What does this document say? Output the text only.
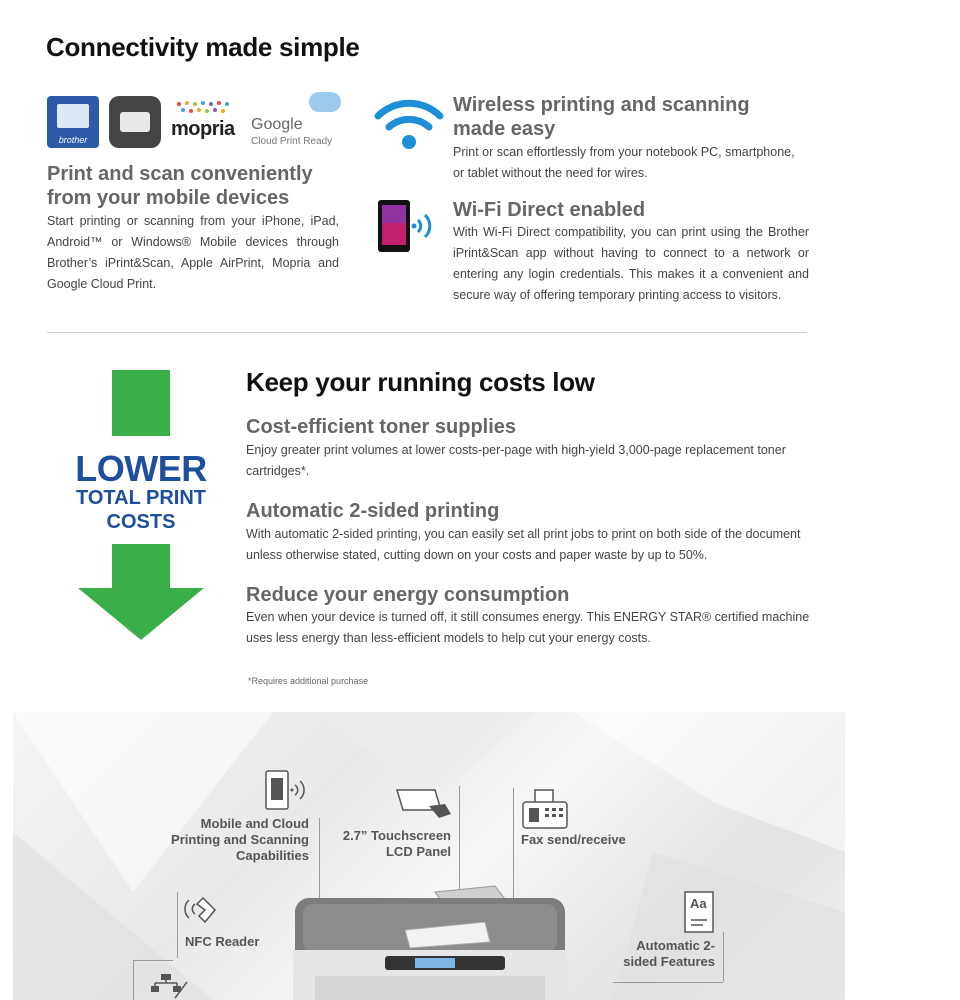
Connectivity made simple
brother	mopria	Google
Cloud Print Ready
Print and scan conveniently from your mobile devices

Start printing or scanning from your iPhone, iPad, Android™ or Windows® Mobile devices through Brother’s iPrint&Scan, Apple AirPrint, Mopria and Google Cloud Print.

Wireless printing and scanning made easy

Print or scan effortlessly from your notebook PC, smartphone, or tablet without the need for wires.

Wi-Fi Direct enabled

With Wi-Fi Direct compatibility, you can print using the Brother iPrint&Scan app without having to connect to a network or entering any login credentials. This makes it a convenient and secure way of offering temporary printing access to visitors.

LOWER
TOTAL PRINT COSTS
Keep your running costs low
Cost-efficient toner supplies

Enjoy greater print volumes at lower costs-per-page with high-yield 3,000-page replacement toner cartridges*.

Automatic 2-sided printing

With automatic 2-sided printing, you can easily set all print jobs to print on both side of the document unless otherwise stated, cutting down on your costs and paper waste by up to 50%.

Reduce your energy consumption

Even when your device is turned off, it still consumes energy. This ENERGY STAR® certified machine uses less energy than less-efficient models to help cut your energy costs.

*Requires additional purchase

Mobile and Cloud Printing and Scanning Capabilities
2.7” Touchscreen LCD Panel
Fax send/receive
NFC Reader
Aa
Automatic 2-sided Features
